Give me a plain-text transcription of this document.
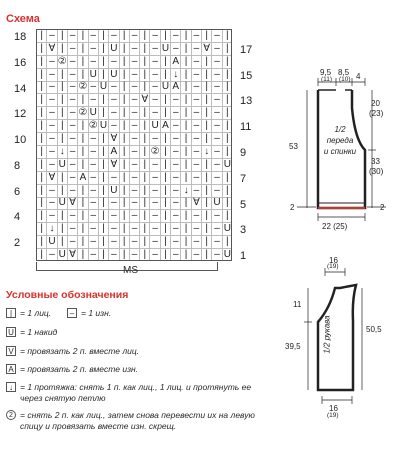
Схема
| – | – | – | – | – | – | – | – | – |
| ∀ | – | – | U | – | – U – | – ∀ – |
| – ② – | – | – | – | – | A | – | – |
| – | – | U | U | – | – | ↓ | – | – |
| – | – ② – U – | – | – U A | – | – |
| – | – | – | – | – ∀ – | – | – | – |
| – | – ② U | – | – | – | – | – | – |
| – | – | ② U – | – | U A – | – | – |
| – | – | – | ∀ | – | – | – | – | – |
| – ↓ – | – | A | – | ② | – | – ↓ – |
| – U – | – | ∀ | – | – | – | – | – U
| ∀ | – A – | – | – | – | – | – | – |
| – | – | – | U | – | – | – ↓ – | – |
| – U ∀ | – | – | – | – | – | ∀ | U |
| – | – | – | – | – | – | – | – | – |
| ↓ | – | – | – | – | – | – | – | – U
| U | – | – | – | – | – | – | – | – |
| – U ∀ | – | – | – | – | – | – | – U
18
16
14
12
10
8
6
4
2
17
15
13
11
9
7
5
3
1
MS
Условные обозначения
| = 1 лиц.	– = 1 изн.
U = 1 накид
V = провязать 2 п. вместе лиц.
A = провязать 2 п. вместе изн.
↓ = 1 протяжка: снять 1 п. как лиц., 1 лиц. и протянуть ее
через снятую петлю
2 = снять 2 п. как лиц., затем снова перевести их на левую
спицу и провязать вместе изн. скрещ.
9,5
(11)
8,5
(10) 4
53
20
(23)
33
(30)
22 (25)
2	2
1/2
переда
и спинки
16
(19)
11
50,5
39,5
16
(19)
1/2 рукава
